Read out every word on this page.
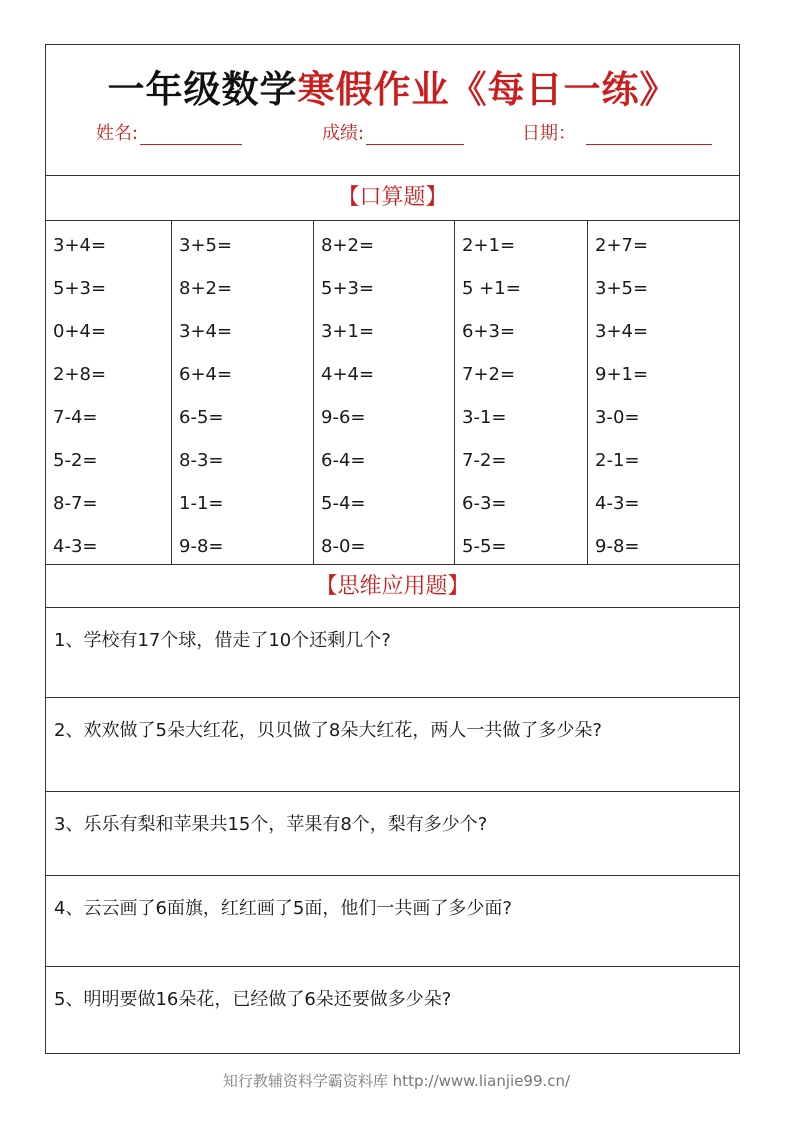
一年级数学寒假作业《每日一练》
姓名:	成绩:	日期：
【口算题】
3+4=
5+3=
0+4=
2+8=
7-4=
5-2=
8-7=
4-3=
3+5=
8+2=
3+4=
6+4=
6-5=
8-3=
1-1=
9-8=
8+2=
5+3=
3+1=
4+4=
9-6=
6-4=
5-4=
8-0=
2+1=
5 +1=
6+3=
7+2=
3-1=
7-2=
6-3=
5-5=
2+7=
3+5=
3+4=
9+1=
3-0=
2-1=
4-3=
9-8=
【思维应用题】
1、学校有17个球，借走了10个还剩几个?
2、欢欢做了5朵大红花，贝贝做了8朵大红花，两人一共做了多少朵?
3、乐乐有梨和苹果共15个，苹果有8个，梨有多少个?
4、云云画了6面旗，红红画了5面，他们一共画了多少面?
5、明明要做16朵花，已经做了6朵还要做多少朵?
知行教辅资料学霸资料库 http://www.lianjie99.cn/
